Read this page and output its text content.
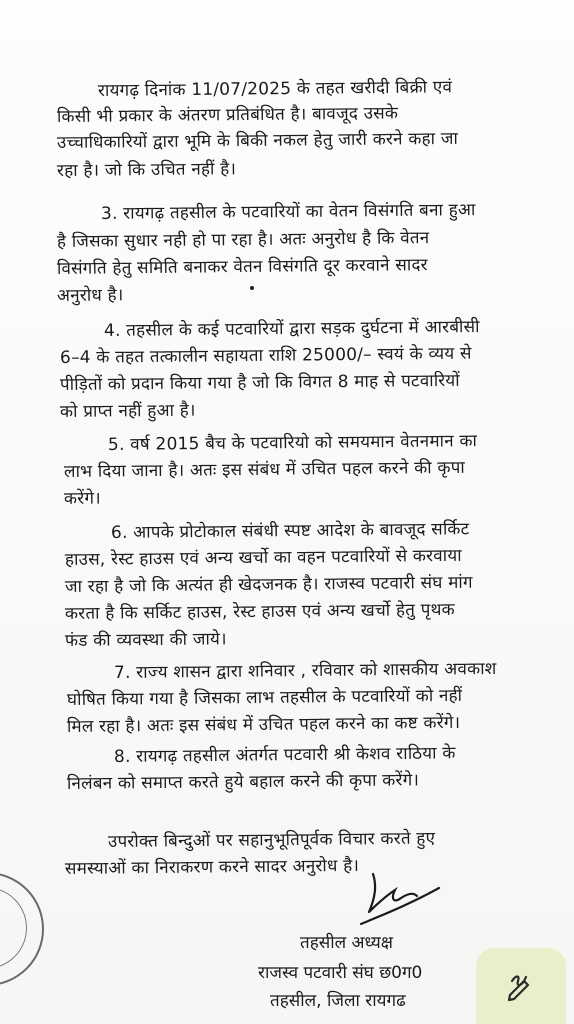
रायगढ़ दिनांक 11/07/2025 के तहत खरीदी बिक्री एवं
किसी भी प्रकार के अंतरण प्रतिबंधित है। बावजूद उसके
उच्चाधिकारियों द्वारा भूमि के बिकी नकल हेतु जारी करने कहा जा
रहा है। जो कि उचित नहीं है।
3. रायगढ़ तहसील के पटवारियों का वेतन विसंगति बना हुआ
है जिसका सुधार नही हो पा रहा है। अतः अनुरोध है कि वेतन
विसंगति हेतु समिति बनाकर वेतन विसंगति दूर करवाने सादर
अनुरोध है।
4. तहसील के कई पटवारियों द्वारा सड़क दुर्घटना में आरबीसी
6–4 के तहत तत्कालीन सहायता राशि 25000/– स्वयं के व्यय से
पीड़ितों को प्रदान किया गया है जो कि विगत 8 माह से पटवारियों
को प्राप्त नहीं हुआ है।
5. वर्ष 2015 बैच के पटवारियो को समयमान वेतनमान का
लाभ दिया जाना है। अतः इस संबंध में उचित पहल करने की कृपा
करेंगे।
6. आपके प्रोटोकाल संबंधी स्पष्ट आदेश के बावजूद सर्किट
हाउस, रेस्ट हाउस एवं अन्य खर्चो का वहन पटवारियों से करवाया
जा रहा है जो कि अत्यंत ही खेदजनक है। राजस्व पटवारी संघ मांग
करता है कि सर्किट हाउस, रेस्ट हाउस एवं अन्य खर्चो हेतु पृथक
फंड की व्यवस्था की जाये।
7. राज्य शासन द्वारा शनिवार , रविवार को शासकीय अवकाश
घोषित किया गया है जिसका लाभ तहसील के पटवारियों को नहीं
मिल रहा है। अतः इस संबंध में उचित पहल करने का कष्ट करेंगे।
8. रायगढ़ तहसील अंतर्गत पटवारी श्री केशव राठिया के
निलंबन को समाप्त करते हुये बहाल करने की कृपा करेंगे।
उपरोक्त बिन्दुओं पर सहानुभूतिपूर्वक विचार करते हुए
समस्याओं का निराकरण करने सादर अनुरोध है।
तहसील अध्यक्ष
राजस्व पटवारी संघ छ0ग0
तहसील, जिला रायगढ
